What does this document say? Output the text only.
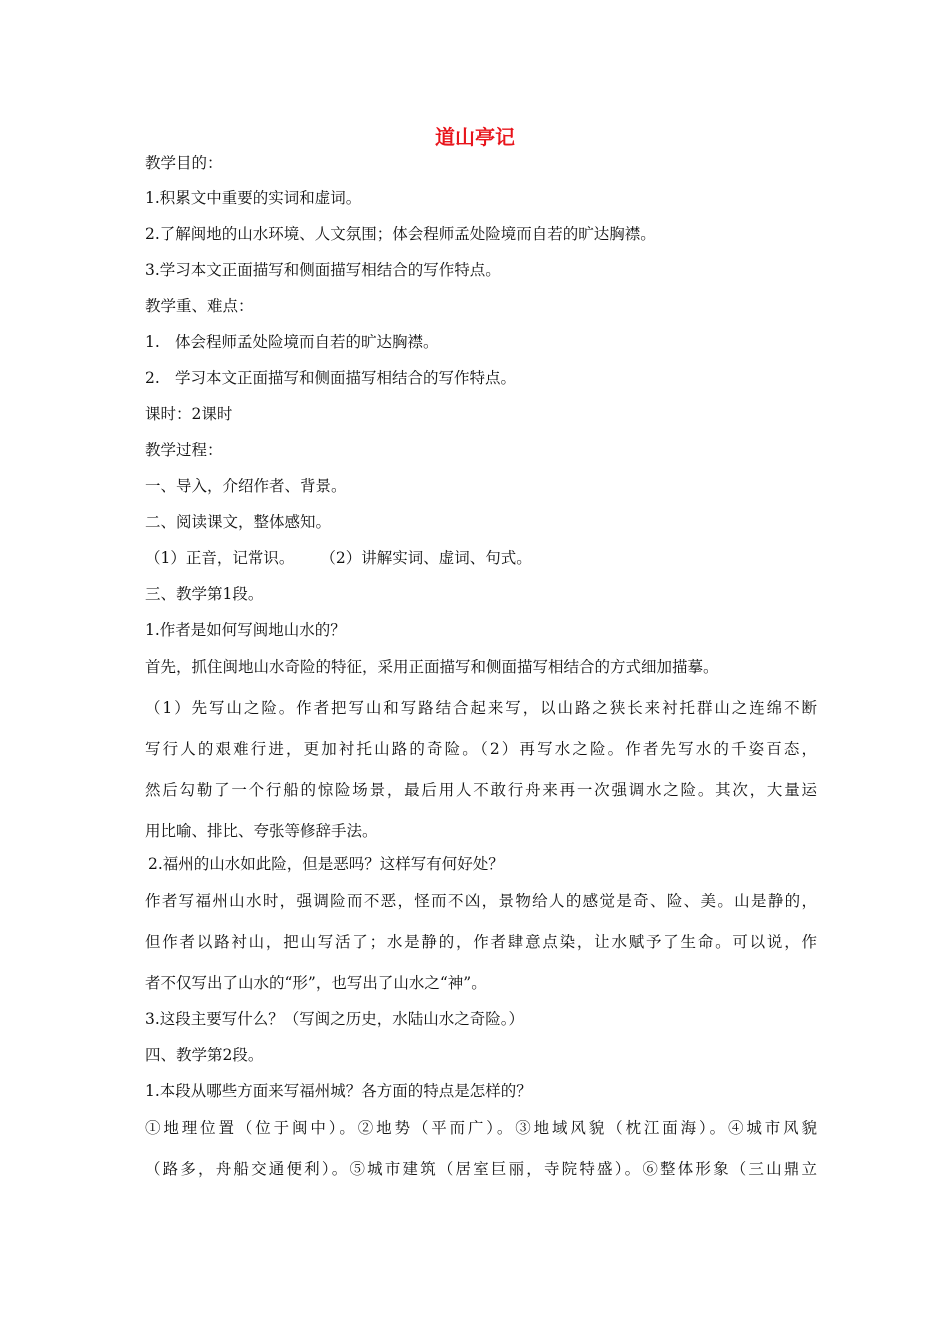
道山亭记
教学目的：
1.积累文中重要的实词和虚词。
2.了解闽地的山水环境、人文氛围；体会程师孟处险境而自若的旷达胸襟。
3.学习本文正面描写和侧面描写相结合的写作特点。
教学重、难点：
1. 体会程师孟处险境而自若的旷达胸襟。
2. 学习本文正面描写和侧面描写相结合的写作特点。
课时：2课时
教学过程：
一、导入，介绍作者、背景。
二、阅读课文，整体感知。
（1）正音，记常识。 （2）讲解实词、虚词、句式。
三、教学第1段。
1.作者是如何写闽地山水的？
首先，抓住闽地山水奇险的特征，采用正面描写和侧面描写相结合的方式细加描摹。
（1）先写山之险。作者把写山和写路结合起来写，以山路之狭长来衬托群山之连绵不断
写行人的艰难行进，更加衬托山路的奇险。（2）再写水之险。作者先写水的千姿百态，
然后勾勒了一个行船的惊险场景，最后用人不敢行舟来再一次强调水之险。其次，大量运
用比喻、排比、夸张等修辞手法。
2.福州的山水如此险，但是恶吗？这样写有何好处？
作者写福州山水时，强调险而不恶，怪而不凶，景物给人的感觉是奇、险、美。山是静的，
但作者以路衬山，把山写活了；水是静的，作者肆意点染，让水赋予了生命。可以说，作
者不仅写出了山水的“形”，也写出了山水之“神”。
3.这段主要写什么？（写闽之历史，水陆山水之奇险。）
四、教学第2段。
1.本段从哪些方面来写福州城？各方面的特点是怎样的？
①地理位置（位于闽中）。②地势（平而广）。③地域风貌（枕江面海）。④城市风貌
（路多，舟船交通便利）。⑤城市建筑（居室巨丽，寺院特盛）。⑥整体形象（三山鼎立
